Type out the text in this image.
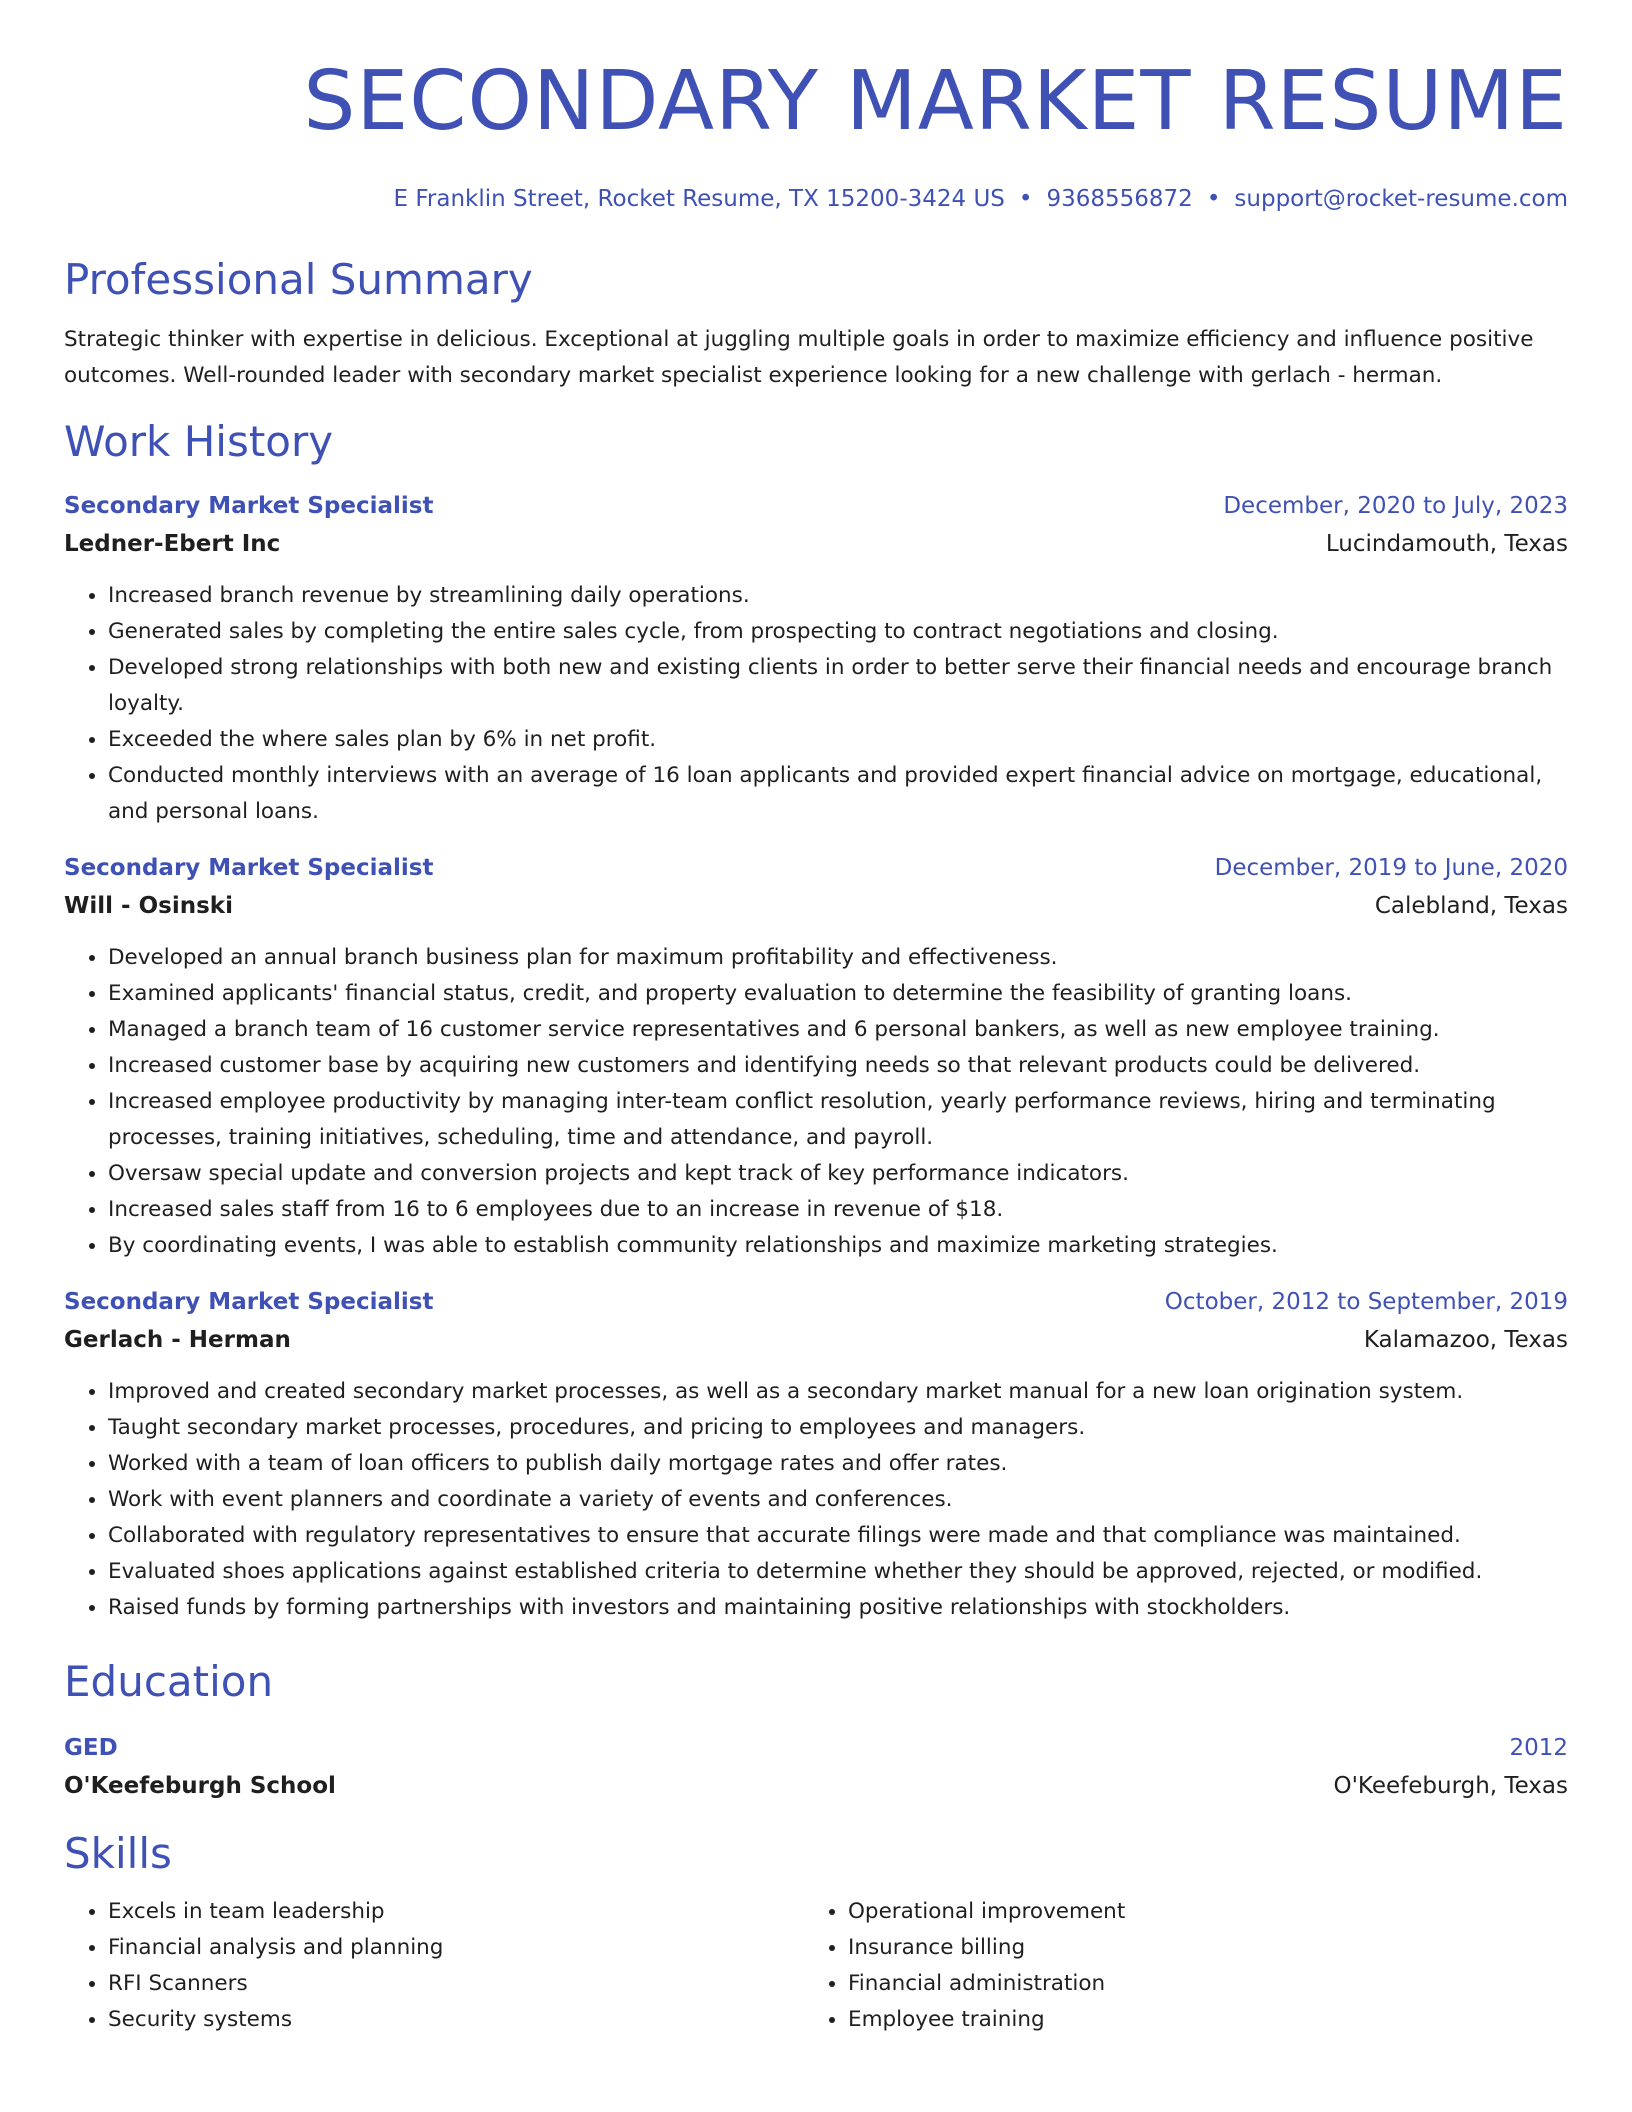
SECONDARY MARKET RESUME
E Franklin Street, Rocket Resume, TX 15200-3424 US • 9368556872 • support@rocket-resume.com
Professional Summary
Strategic thinker with expertise in delicious. Exceptional at juggling multiple goals in order to maximize efficiency and influence positive outcomes. Well-rounded leader with secondary market specialist experience looking for a new challenge with gerlach - herman.
Work History
Secondary Market Specialist	December, 2020 to July, 2023
Ledner-Ebert Inc	Lucindamouth, Texas
• Increased branch revenue by streamlining daily operations.
• Generated sales by completing the entire sales cycle, from prospecting to contract negotiations and closing.
• Developed strong relationships with both new and existing clients in order to better serve their financial needs and encourage branch loyalty.
• Exceeded the where sales plan by 6% in net profit.
• Conducted monthly interviews with an average of 16 loan applicants and provided expert financial advice on mortgage, educational, and personal loans.
Secondary Market Specialist	December, 2019 to June, 2020
Will - Osinski	Calebland, Texas
• Developed an annual branch business plan for maximum profitability and effectiveness.
• Examined applicants' financial status, credit, and property evaluation to determine the feasibility of granting loans.
• Managed a branch team of 16 customer service representatives and 6 personal bankers, as well as new employee training.
• Increased customer base by acquiring new customers and identifying needs so that relevant products could be delivered.
• Increased employee productivity by managing inter-team conflict resolution, yearly performance reviews, hiring and terminating processes, training initiatives, scheduling, time and attendance, and payroll.
• Oversaw special update and conversion projects and kept track of key performance indicators.
• Increased sales staff from 16 to 6 employees due to an increase in revenue of $18.
• By coordinating events, I was able to establish community relationships and maximize marketing strategies.
Secondary Market Specialist	October, 2012 to September, 2019
Gerlach - Herman	Kalamazoo, Texas
• Improved and created secondary market processes, as well as a secondary market manual for a new loan origination system.
• Taught secondary market processes, procedures, and pricing to employees and managers.
• Worked with a team of loan officers to publish daily mortgage rates and offer rates.
• Work with event planners and coordinate a variety of events and conferences.
• Collaborated with regulatory representatives to ensure that accurate filings were made and that compliance was maintained.
• Evaluated shoes applications against established criteria to determine whether they should be approved, rejected, or modified.
• Raised funds by forming partnerships with investors and maintaining positive relationships with stockholders.
Education
GED	2012
O'Keefeburgh School	O'Keefeburgh, Texas
Skills
• Excels in team leadership
• Financial analysis and planning
• RFI Scanners
• Security systems
• Operational improvement
• Insurance billing
• Financial administration
• Employee training
